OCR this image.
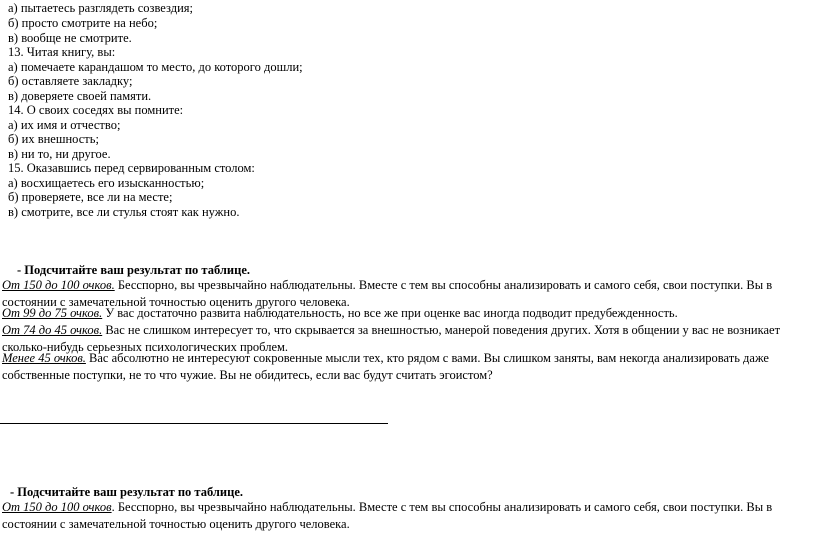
а) пытаетесь разглядеть созвездия;
б) просто смотрите на небо;
в) вообще не смотрите.
13. Читая книгу, вы:
а) помечаете карандашом то место, до которого дошли;
б) оставляете закладку;
в) доверяете своей памяти.
14. О своих соседях вы помните:
а) их имя и отчество;
б) их внешность;
в) ни то, ни другое.
15. Оказавшись перед сервированным столом:
а) восхищаетесь его изысканностью;
б) проверяете, все ли на месте;
в) смотрите, все ли стулья стоят как нужно.
- Подсчитайте ваш результат по таблице.
От 150 до 100 очков. Бесспорно, вы чрезвычайно наблюдательны. Вместе с тем вы способны анализировать и самого себя, свои поступки. Вы в состоянии с замечательной точностью оценить другого человека.
От 99 до 75 очков. У вас достаточно развита наблюдательность, но все же при оценке вас иногда подводит предубежденность.
От 74 до 45 очков. Вас не слишком интересует то, что скрывается за внешностью, манерой поведения других. Хотя в общении у вас не возникает сколько-нибудь серьезных психологических проблем.
Менее 45 очков. Вас абсолютно не интересуют сокровенные мысли тех, кто рядом с вами. Вы слишком заняты, вам некогда анализировать даже собственные поступки, не то что чужие. Вы не обидитесь, если вас будут считать эгоистом?
- Подсчитайте ваш результат по таблице.
От 150 до 100 очков. Бесспорно, вы чрезвычайно наблюдательны. Вместе с тем вы способны анализировать и самого себя, свои поступки. Вы в состоянии с замечательной точностью оценить другого человека.
